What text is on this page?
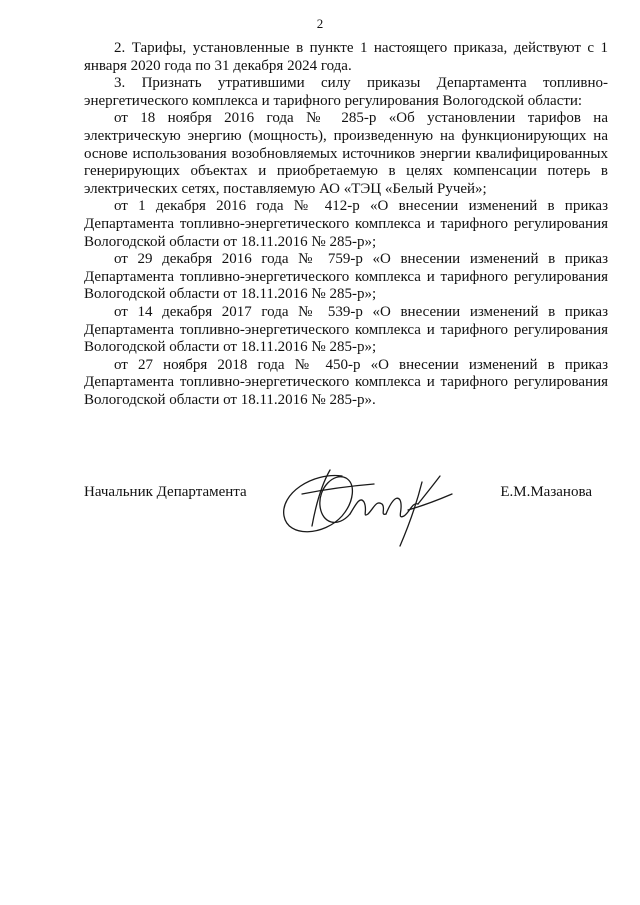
2

2. Тарифы, установленные в пункте 1 настоящего приказа, действуют с 1 января 2020 года по 31 декабря 2024 года.

3. Признать утратившими силу приказы Департамента топливно-энергетического комплекса и тарифного регулирования Вологодской области:

от 18 ноября 2016 года № 285-р «Об установлении тарифов на электрическую энергию (мощность), произведенную на функционирующих на основе использования возобновляемых источников энергии квалифицированных генерирующих объектах и приобретаемую в целях компенсации потерь в электрических сетях, поставляемую АО «ТЭЦ «Белый Ручей»;

от 1 декабря 2016 года № 412-р «О внесении изменений в приказ Департамента топливно-энергетического комплекса и тарифного регулирования Вологодской области от 18.11.2016 № 285-р»;

от 29 декабря 2016 года № 759-р «О внесении изменений в приказ Департамента топливно-энергетического комплекса и тарифного регулирования Вологодской области от 18.11.2016 № 285-р»;

от 14 декабря 2017 года № 539-р «О внесении изменений в приказ Департамента топливно-энергетического комплекса и тарифного регулирования Вологодской области от 18.11.2016 № 285-р»;

от 27 ноября 2018 года № 450-р «О внесении изменений в приказ Департамента топливно-энергетического комплекса и тарифного регулирования Вологодской области от 18.11.2016 № 285-р».

Начальник Департамента	Е.М.Мазанова
